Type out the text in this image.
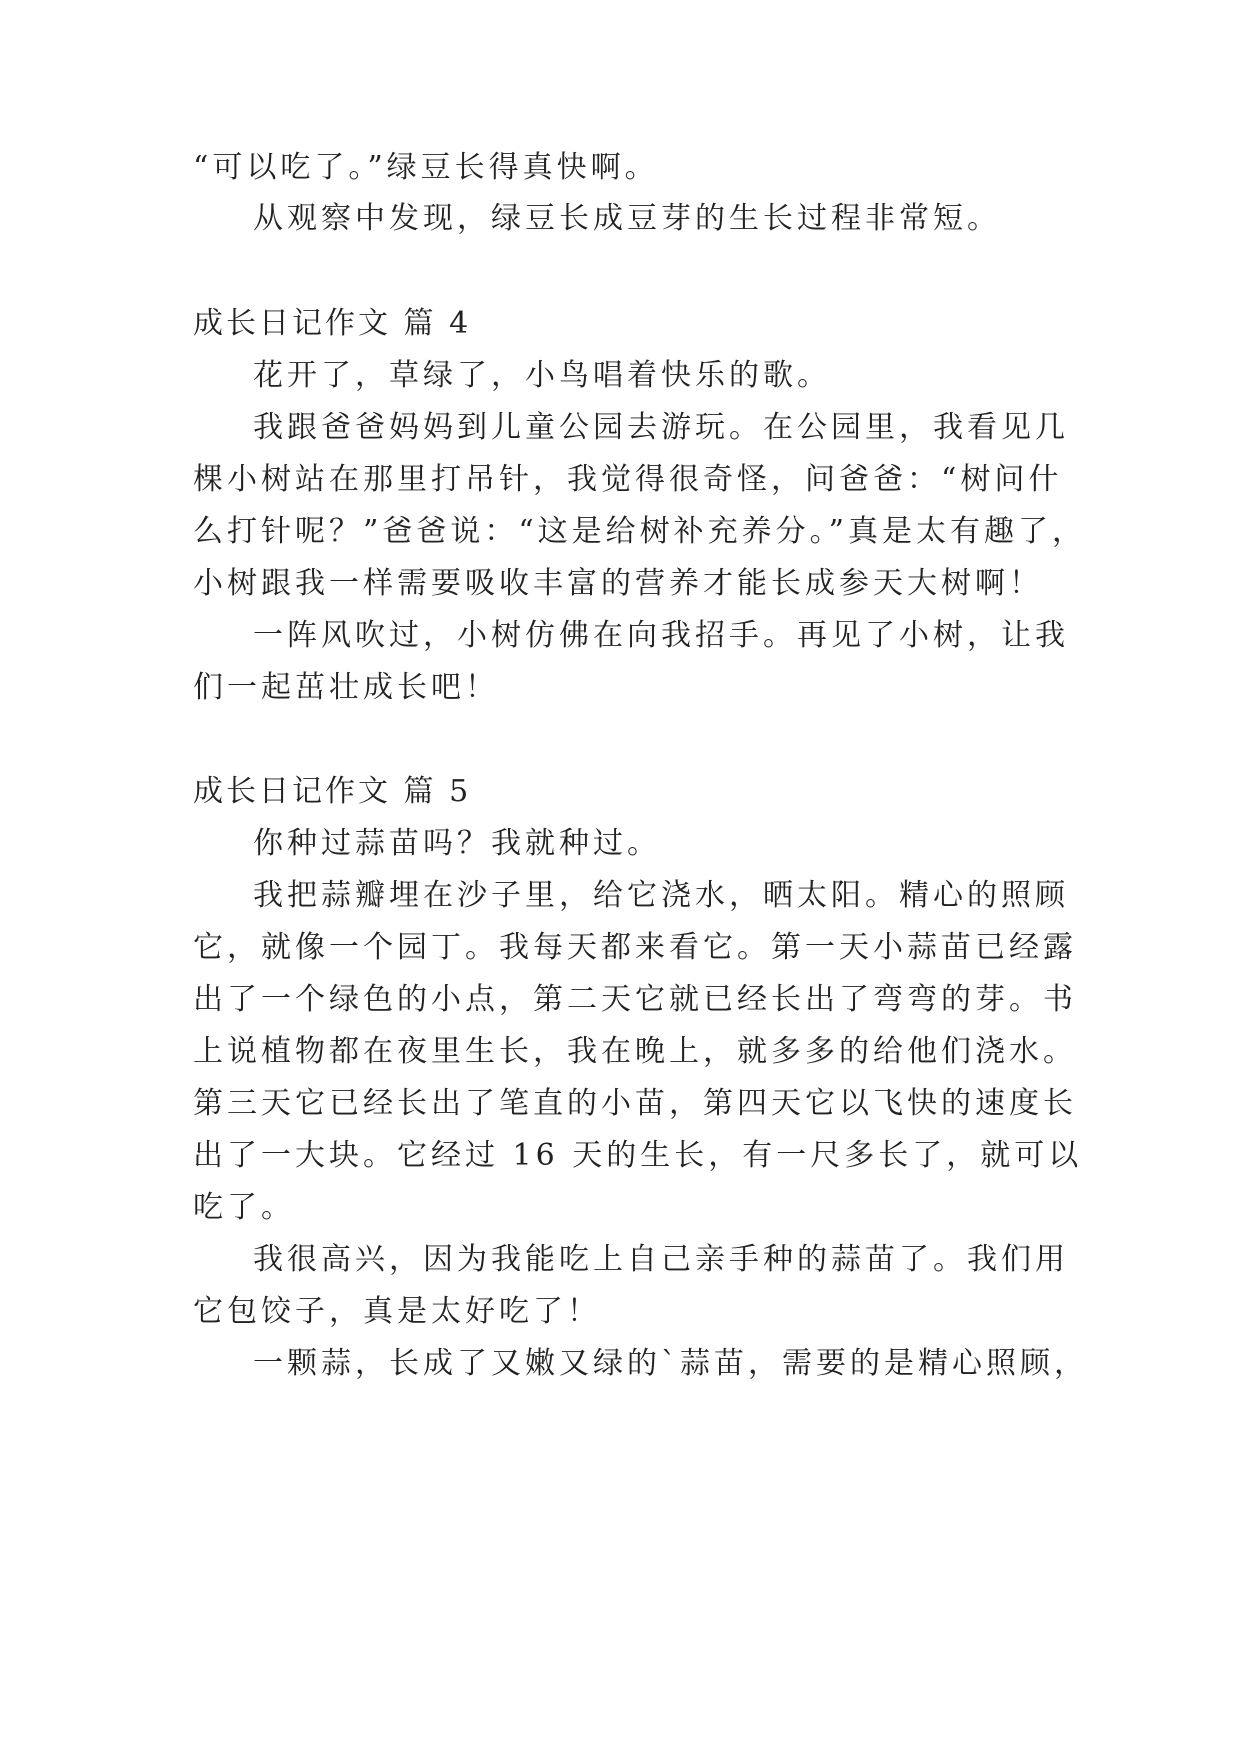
“可以吃了。”绿豆长得真快啊。
从观察中发现，绿豆长成豆芽的生长过程非常短。
成长日记作文 篇 4
花开了，草绿了，小鸟唱着快乐的歌。
我跟爸爸妈妈到儿童公园去游玩。在公园里，我看见几
棵小树站在那里打吊针，我觉得很奇怪，问爸爸：“树问什
么打针呢？”爸爸说：“这是给树补充养分。”真是太有趣了，
小树跟我一样需要吸收丰富的营养才能长成参天大树啊！
一阵风吹过，小树仿佛在向我招手。再见了小树，让我
们一起茁壮成长吧！
成长日记作文 篇 5
你种过蒜苗吗？我就种过。
我把蒜瓣埋在沙子里，给它浇水，晒太阳。精心的照顾
它，就像一个园丁。我每天都来看它。第一天小蒜苗已经露
出了一个绿色的小点，第二天它就已经长出了弯弯的芽。书
上说植物都在夜里生长，我在晚上，就多多的给他们浇水。
第三天它已经长出了笔直的小苗，第四天它以飞快的速度长
出了一大块。它经过 16 天的生长，有一尺多长了，就可以
吃了。
我很高兴，因为我能吃上自己亲手种的蒜苗了。我们用
它包饺子，真是太好吃了！
一颗蒜，长成了又嫩又绿的`蒜苗，需要的是精心照顾，
